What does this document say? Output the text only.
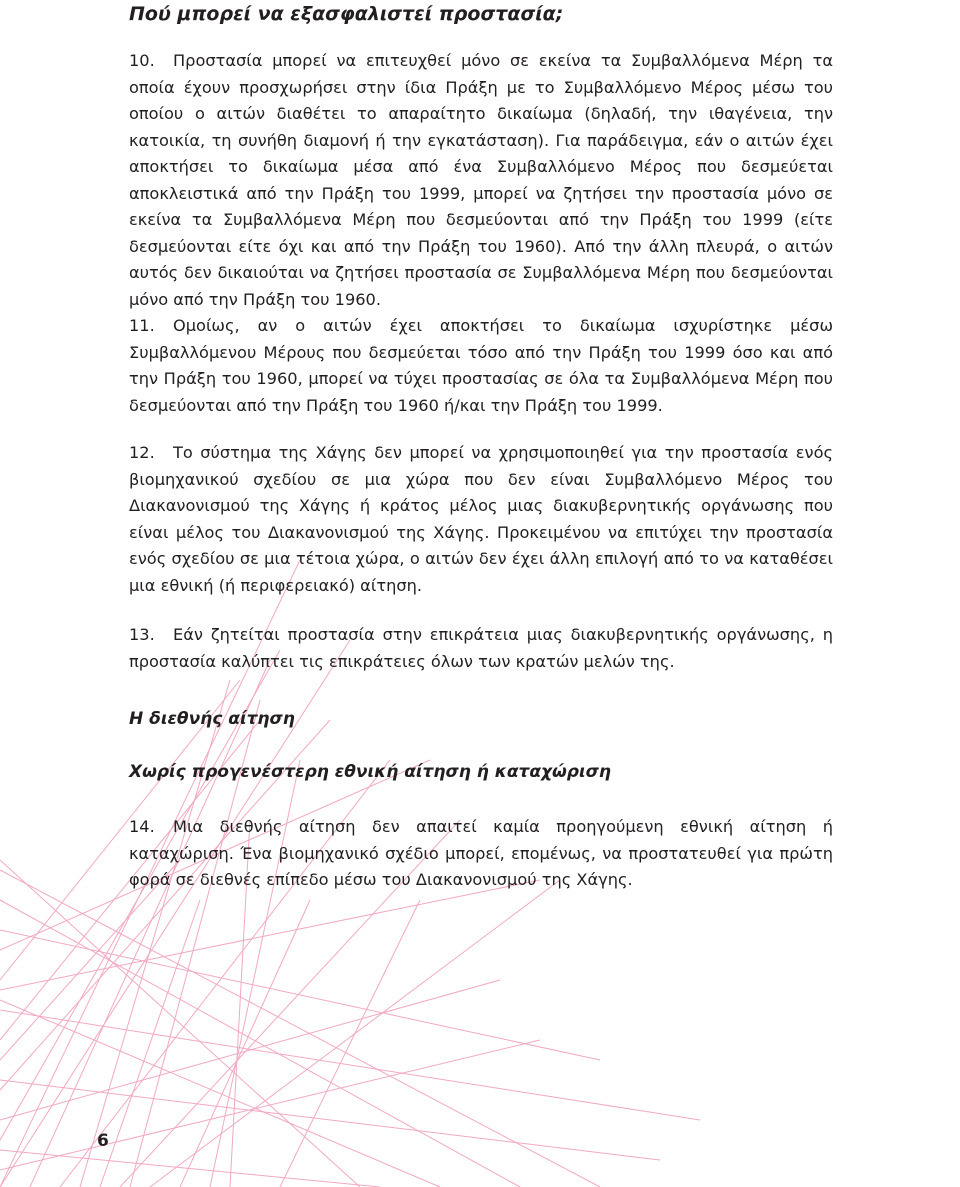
Πού μπορεί να εξασφαλιστεί προστασία;

10. Προστασία μπορεί να επιτευχθεί μόνο σε εκείνα τα Συμβαλλόμενα Μέρη τα οποία έχουν προσχωρήσει στην ίδια Πράξη με το Συμβαλλόμενο Μέρος μέσω του οποίου ο αιτών διαθέτει το απαραίτητο δικαίωμα (δηλαδή, την ιθαγένεια, την κατοικία, τη συνήθη διαμονή ή την εγκατάσταση). Για παράδειγμα, εάν ο αιτών έχει αποκτήσει το δικαίωμα μέσα από ένα Συμβαλλόμενο Μέρος που δεσμεύεται αποκλειστικά από την Πράξη του 1999, μπορεί να ζητήσει την προστασία μόνο σε εκείνα τα Συμβαλλόμενα Μέρη που δεσμεύονται από την Πράξη του 1999 (είτε δεσμεύονται είτε όχι και από την Πράξη του 1960). Από την άλλη πλευρά, ο αιτών αυτός δεν δικαιούται να ζητήσει προστασία σε Συμβαλλόμενα Μέρη που δεσμεύονται μόνο από την Πράξη του 1960.

11. Ομοίως, αν ο αιτών έχει αποκτήσει το δικαίωμα ισχυρίστηκε μέσω Συμβαλλόμενου Μέρους που δεσμεύεται τόσο από την Πράξη του 1999 όσο και από την Πράξη του 1960, μπορεί να τύχει προστασίας σε όλα τα Συμβαλλόμενα Μέρη που δεσμεύονται από την Πράξη του 1960 ή/και την Πράξη του 1999.

12. Το σύστημα της Χάγης δεν μπορεί να χρησιμοποιηθεί για την προστασία ενός βιομηχανικού σχεδίου σε μια χώρα που δεν είναι Συμβαλλόμενο Μέρος του Διακανονισμού της Χάγης ή κράτος μέλος μιας διακυβερνητικής οργάνωσης που είναι μέλος του Διακανονισμού της Χάγης. Προκειμένου να επιτύχει την προστασία ενός σχεδίου σε μια τέτοια χώρα, ο αιτών δεν έχει άλλη επιλογή από το να καταθέσει μια εθνική (ή περιφερειακό) αίτηση.

13. Εάν ζητείται προστασία στην επικράτεια μιας διακυβερνητικής οργάνωσης, η προστασία καλύπτει τις επικράτειες όλων των κρατών μελών της.

Η διεθνής αίτηση
Χωρίς προγενέστερη εθνική αίτηση ή καταχώριση

14. Μια διεθνής αίτηση δεν απαιτεί καμία προηγούμενη εθνική αίτηση ή καταχώριση. Ένα βιομηχανικό σχέδιο μπορεί, επομένως, να προστατευθεί για πρώτη φορά σε διεθνές επίπεδο μέσω του Διακανονισμού της Χάγης.

6
